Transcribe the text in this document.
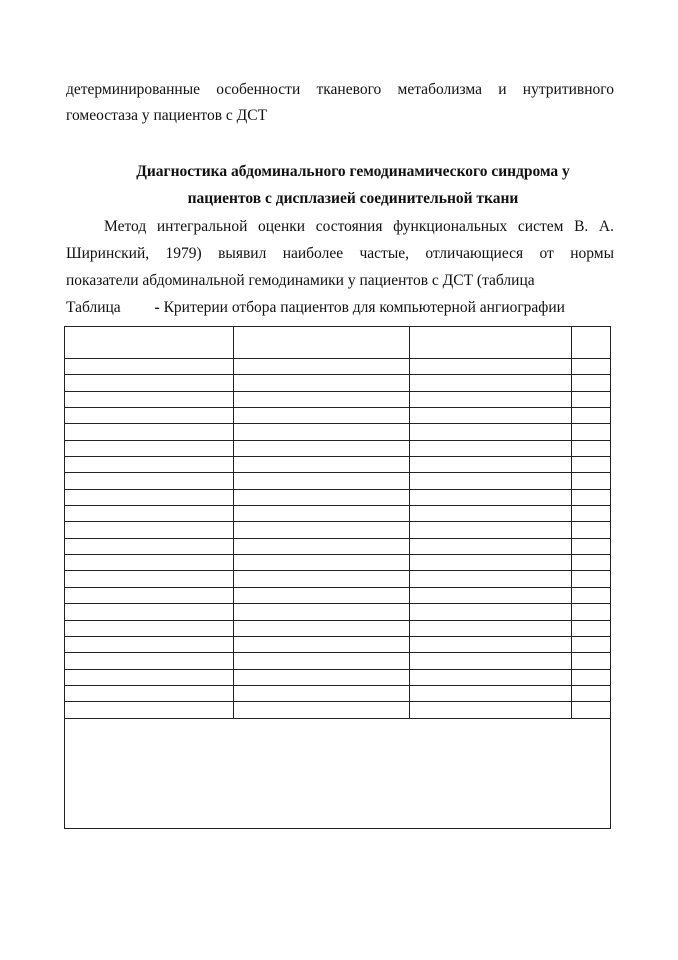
детерминированные особенности тканевого метаболизма и нутритивного
гомеостаза у пациентов с ДСТ
Диагностика абдоминального гемодинамического синдрома у
пациентов с дисплазией соединительной ткани
Метод интегральной оценки состояния функциональных систем В. А.
Ширинский, 1979) выявил наиболее частые, отличающиеся от нормы
показатели абдоминальной гемодинамики у пациентов с ДСТ (таблица
Таблица - Критерии отбора пациентов для компьютерной ангиографии
